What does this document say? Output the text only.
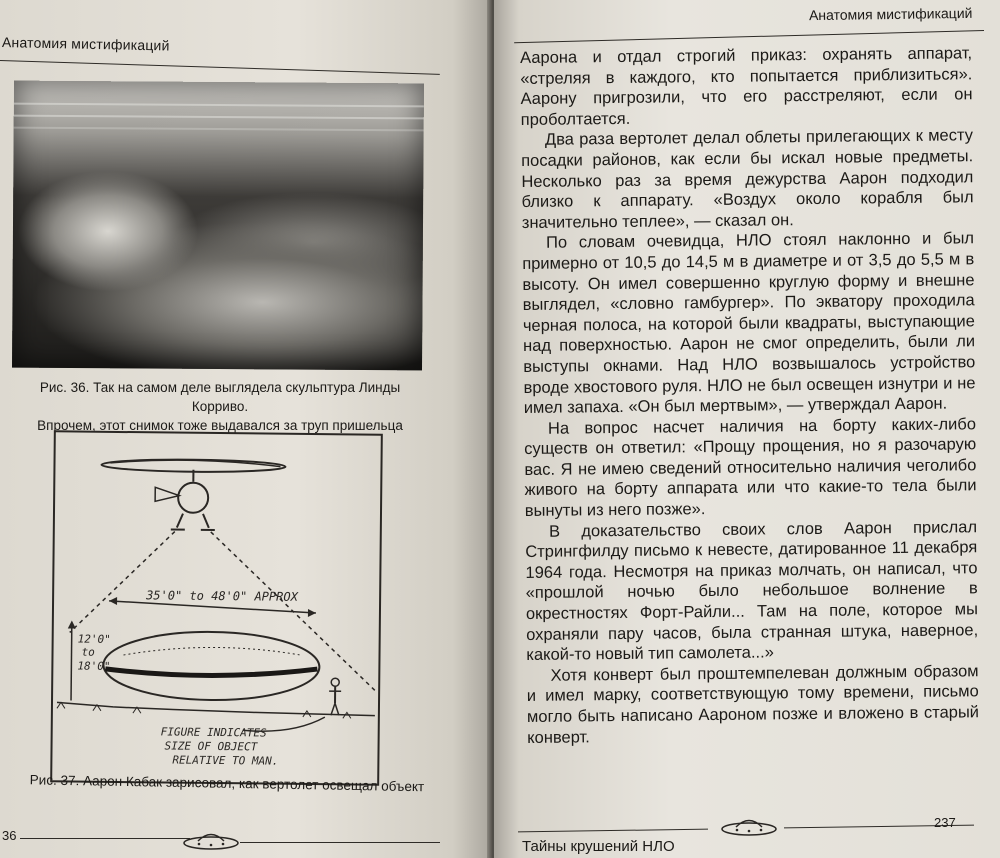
Анатомия мистификаций
Рис. 36. Так на самом деле выглядела скульптура Линды Корриво.
Впрочем, этот снимок тоже выдавался за труп пришельца
35'0" to 48'0" APPROX
12'0"
to
18'0"
FIGURE INDICATES
SIZE OF OBJECT
RELATIVE TO MAN.
Рис. 37. Аарон Кабак зарисовал, как вертолет освещал объект
36
Анатомия мистификаций

Аарона и отдал строгий приказ: охранять аппарат, «стреляя в каждого, кто попытается приблизиться». Аарону пригрозили, что его расстреляют, если он проболтается.

Два раза вертолет делал облеты прилегающих к месту посадки районов, как если бы искал новые предметы. Несколько раз за время дежурства Аарон подходил близко к аппарату. «Воздух около корабля был значительно теплее», — сказал он.

По словам очевидца, НЛО стоял наклонно и был примерно от 10,5 до 14,5 м в диаметре и от 3,5 до 5,5 м в высоту. Он имел совершенно круглую форму и внешне выглядел, «словно гамбургер». По экватору проходила черная полоса, на которой были квадраты, выступающие над поверхностью. Аарон не смог определить, были ли выступы окнами. Над НЛО возвышалось устройство вроде хвостового руля. НЛО не был освещен изнутри и не имел запаха. «Он был мертвым», — утверждал Аарон.

На вопрос насчет наличия на борту каких-либо существ он ответил: «Прощу прощения, но я разочарую вас. Я не имею сведений относительно наличия чеголибо живого на борту аппарата или что какие-то тела были вынуты из него позже».

В доказательство своих слов Аарон прислал Стрингфилду письмо к невесте, датированное 11 декабря 1964 года. Несмотря на приказ молчать, он написал, что «прошлой ночью было небольшое волнение в окрестностях Форт-Райли... Там на поле, которое мы охраняли пару часов, была странная штука, наверное, какой-то новый тип самолета...»

Хотя конверт был проштемпелеван должным образом и имел марку, соответствующую тому времени, письмо могло быть написано Аароном позже и вложено в старый конверт.

237
Тайны крушений НЛО
